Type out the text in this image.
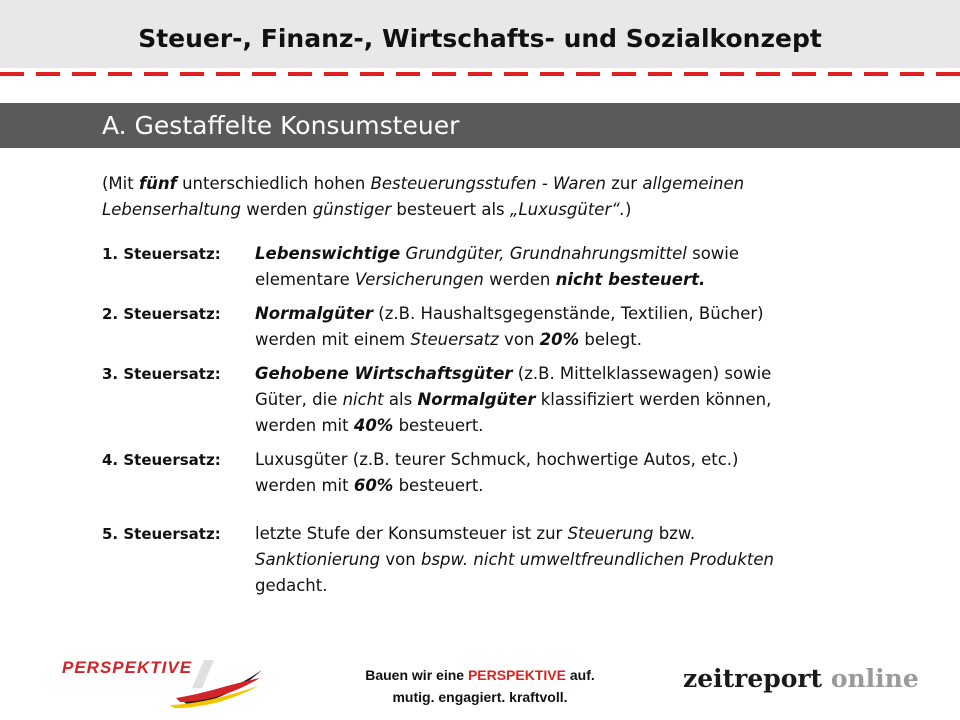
Steuer-, Finanz-, Wirtschafts- und Sozialkonzept
A. Gestaffelte Konsumsteuer
(Mit fünf unterschiedlich hohen Besteuerungsstufen - Waren zur allgemeinen
Lebenserhaltung werden günstiger besteuert als „Luxusgüter“.)
1. Steuersatz: Lebenswichtige Grundgüter, Grundnahrungsmittel sowie
elementare Versicherungen werden nicht besteuert.
2. Steuersatz: Normalgüter (z.B. Haushaltsgegenstände, Textilien, Bücher)
werden mit einem Steuersatz von 20% belegt.
3. Steuersatz: Gehobene Wirtschaftsgüter (z.B. Mittelklassewagen) sowie
Güter, die nicht als Normalgüter klassifiziert werden können,
werden mit 40% besteuert.
4. Steuersatz: Luxusgüter (z.B. teurer Schmuck, hochwertige Autos, etc.)
werden mit 60% besteuert.
5. Steuersatz: letzte Stufe der Konsumsteuer ist zur Steuerung bzw.
Sanktionierung von bspw. nicht umweltfreundlichen Produkten
gedacht.
PERSPEKTIVE	Bauen wir eine PERSPEKTIVE auf.
mutig. engagiert. kraftvoll.
zeitreport online
